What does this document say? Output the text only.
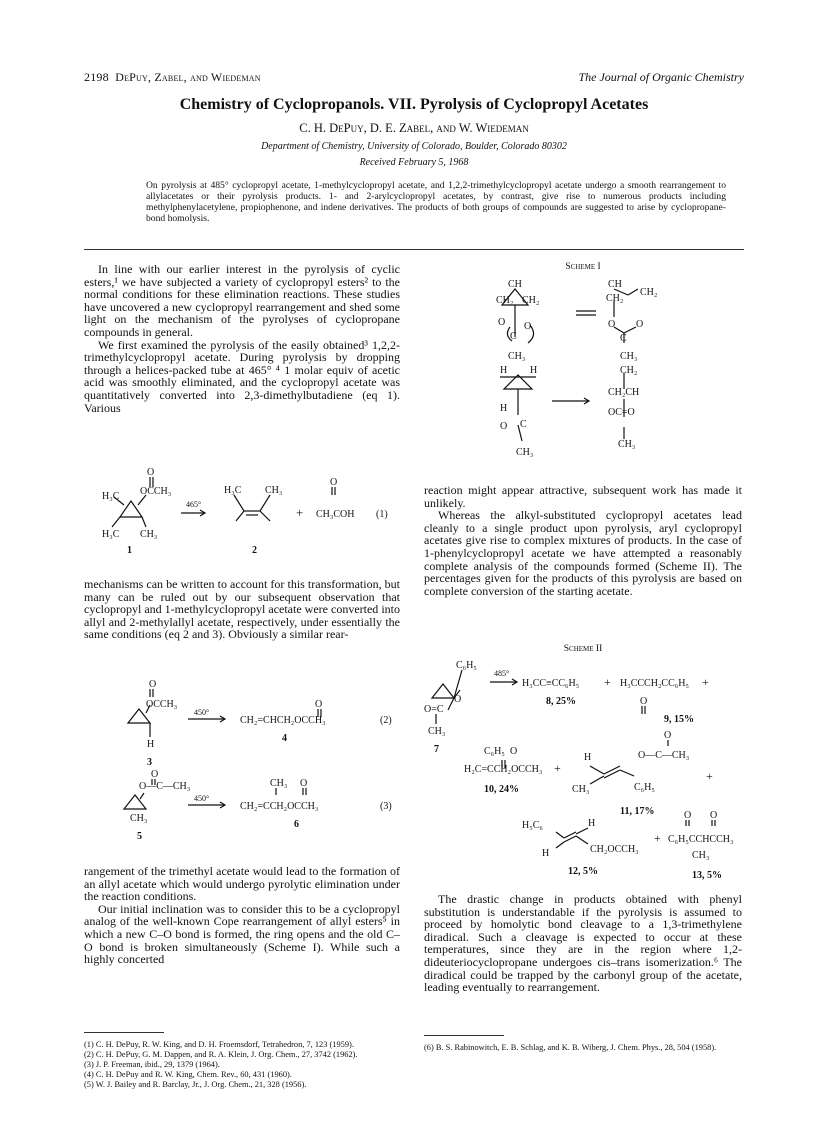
2198 DePuy, Zabel, and Wiedeman	The Journal of Organic Chemistry
Chemistry of Cyclopropanols. VII. Pyrolysis of Cyclopropyl Acetates
C. H. DePuy, D. E. Zabel, and W. Wiedeman
Department of Chemistry, University of Colorado, Boulder, Colorado 80302
Received February 5, 1968
On pyrolysis at 485° cyclopropyl acetate, 1-methylcyclopropyl acetate, and 1,2,2-trimethylcyclopropyl acetate undergo a smooth rearrangement to allylacetates or their pyrolysis products. 1- and 2-arylcyclopropyl acetates, by contrast, give rise to numerous products including methylphenylacetylene, propiophenone, and indene derivatives. The products of both groups of compounds are suggested to arise by cyclopropane-bond homolysis.

In line with our earlier interest in the pyrolysis of cyclic esters,¹ we have subjected a variety of cyclopropyl esters² to the normal conditions for these elimination reactions. These studies have uncovered a new cyclopropyl rearrangement and shed some light on the mechanism of the pyrolyses of cyclopropane compounds in general.

We first examined the pyrolysis of the easily obtained³ 1,2,2-trimethylcyclopropyl acetate. During pyrolysis by dropping through a helices-packed tube at 465° ⁴ 1 molar equiv of acetic acid was smoothly eliminated, and the cyclopropyl acetate was quantitatively converted into 2,3-dimethylbutadiene (eq 1). Various

O
H₃C OCCH₃
H₃C CH₃
1
465°
H₃C CH₃
2
+
O
CH₃COH (1)

mechanisms can be written to account for this transformation, but many can be ruled out by our subsequent observation that cyclopropyl and 1-methylcyclopropyl acetate were converted into allyl and 2-methylallyl acetate, respectively, under essentially the same conditions (eq 2 and 3). Obviously a similar rear-

O
OCCH₃
450°
O
CH₂=CHCH₂OCCH₃	(2)
H
3
4
O
O—C—CH₃
450°
CH₃ O
CH₂=CCH₂OCCH₃	(3)
CH₃
5
6

rangement of the trimethyl acetate would lead to the formation of an allyl acetate which would undergo pyrolytic elimination under the reaction conditions.

Our initial inclination was to consider this to be a cyclopropyl analog of the well-known Cope rearrangement of allyl esters⁵ in which a new C–O bond is formed, the ring opens and the old C–O bond is broken simultaneously (Scheme I). While such a highly concerted

(1) C. H. DePuy, R. W. King, and D. H. Froemsdorf, Tetrahedron, 7, 123 (1959).
(2) C. H. DePuy, G. M. Dappen, and R. A. Klein, J. Org. Chem., 27, 3742 (1962).
(3) J. P. Freeman, ibid., 29, 1379 (1964).
(4) C. H. DePuy and R. W. King, Chem. Rev., 60, 431 (1960).
(5) W. J. Bailey and R. Barclay, Jr., J. Org. Chem., 21, 328 (1956).
Scheme I
CH
CH₂ CH₂
O O
C
CH₃
CH
CH₂
CH₂
O O
C
CH₃
H H
H
O C
CH₃
CH₂
CH₂CH
OC=O
CH₃

reaction might appear attractive, subsequent work has made it unlikely.

Whereas the alkyl-substituted cyclopropyl acetates lead cleanly to a single product upon pyrolysis, aryl cyclopropyl acetates give rise to complex mixtures of products. In the case of 1-phenylcyclopropyl acetate we have attempted a reasonably complete analysis of the compounds formed (Scheme II). The percentages given for the products of this pyrolysis are based on complete conversion of the starting acetate.

Scheme II
C₆H₅
O
O=C
CH₃
7
485°
H₃CC≡CC₆H₅ + H₃CCCH₂CC₆H₅ +
8, 25%	O
9, 15%
O
O—C—CH₃
C₆H₅ O
H₂C=CCH₂OCCH₃ +
H
CH₃	C₆H₅
+
10, 24%
11, 17%
H₅C₆	H
CH₂OCCH₃
H
12, 5%
+
O O
C₆H₅CCHCCH₃
CH₃
13, 5%

The drastic change in products obtained with phenyl substitution is understandable if the pyrolysis is assumed to proceed by homolytic bond cleavage to a 1,3-trimethylene diradical. Such a cleavage is expected to occur at these temperatures, since they are in the region where 1,2-dideuteriocyclopropane undergoes cis–trans isomerization.⁶ The diradical could be trapped by the carbonyl group of the acetate, leading eventually to rearrangement.

(6) B. S. Rabinowitch, E. B. Schlag, and K. B. Wiberg, J. Chem. Phys., 28, 504 (1958).
